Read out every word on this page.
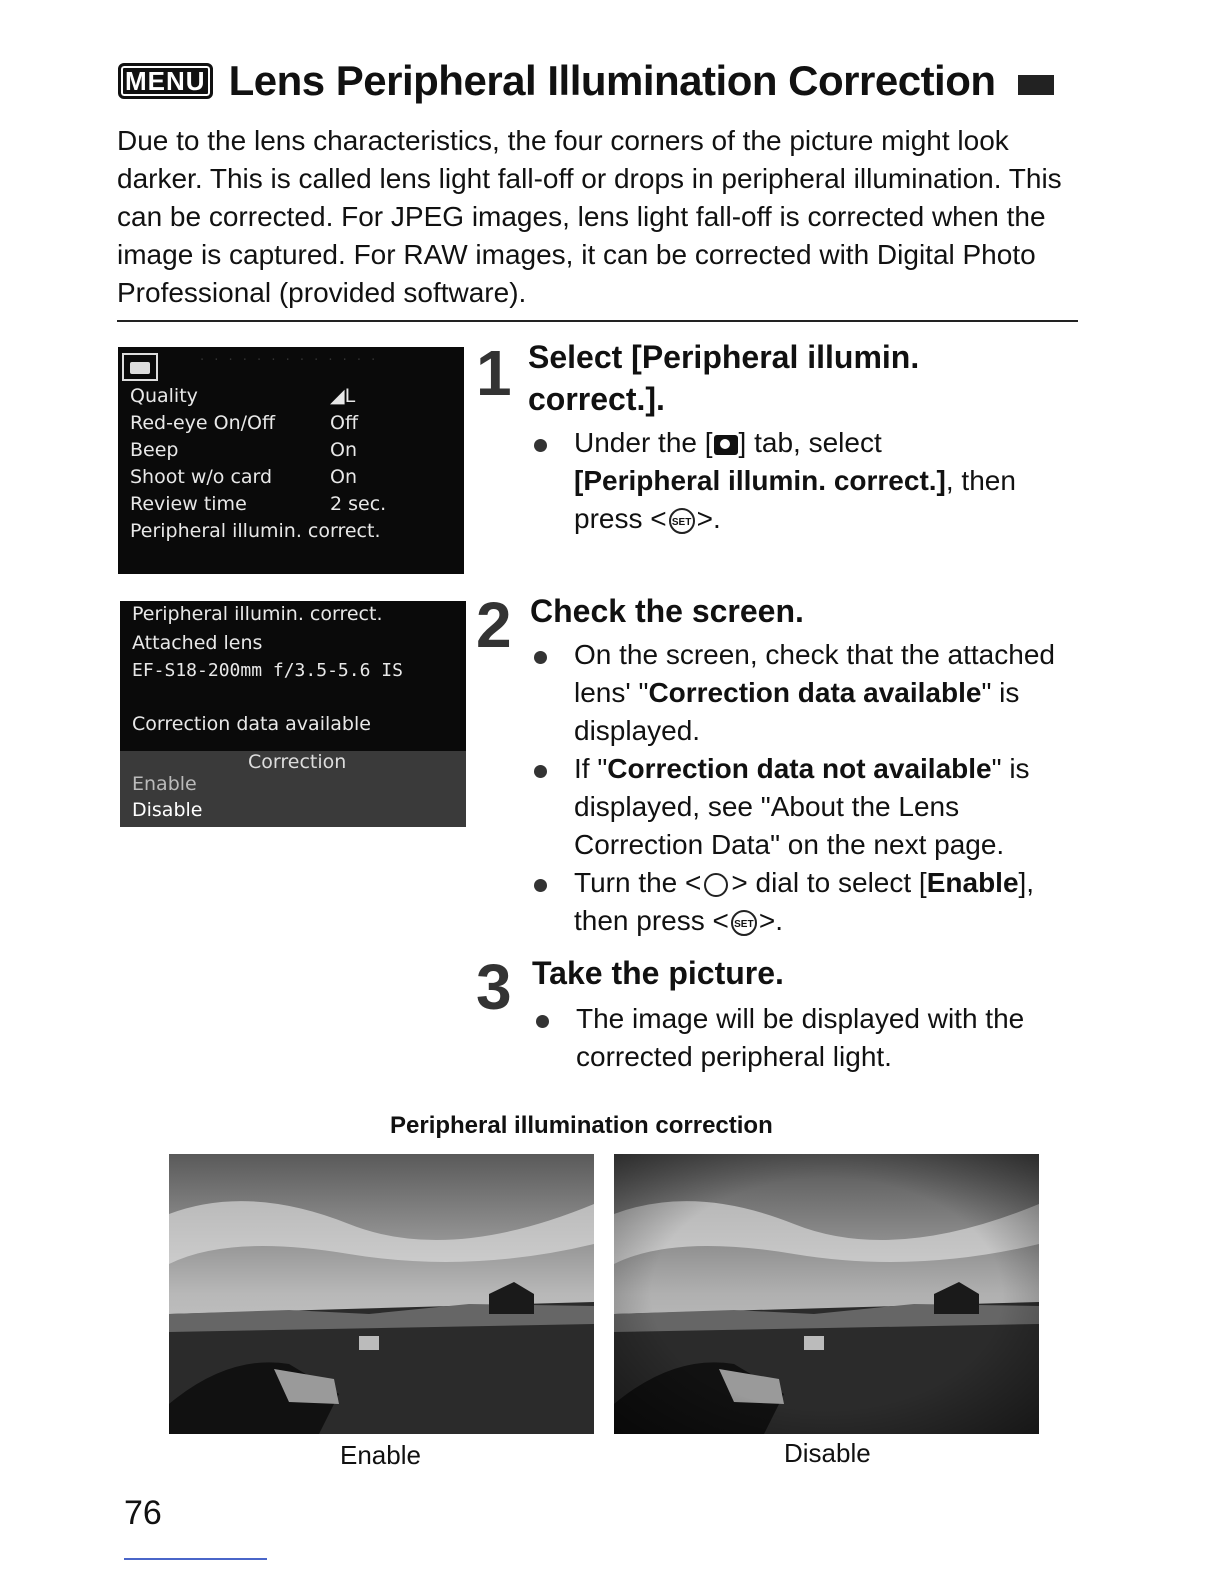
MENU Lens Peripheral Illumination Correction
Due to the lens characteristics, the four corners of the picture might look darker. This is called lens light fall-off or drops in peripheral illumination. This can be corrected. For JPEG images, lens light fall-off is corrected when the image is captured. For RAW images, it can be corrected with Digital Photo Professional (provided software).
· · · · · · · · · · · · ·
Quality	◢L
Red-eye On/Off	Off
Beep	On
Shoot w/o card	On
Review time	2 sec.
Peripheral illumin. correct.
Peripheral illumin. correct.
Attached lens
EF-S18-200mm f/3.5-5.6 IS
Correction data available
Correction
Enable
Disable
1 Select [Peripheral illumin. correct.].
Under the [ ] tab, select
[Peripheral illumin. correct.], then
press < SET >.
2 Check the screen.
On the screen, check that the attached lens' "Correction data available" is displayed.
If "Correction data not available" is displayed, see "About the Lens Correction Data" on the next page.
Turn the < > dial to select [Enable],
then press < SET >.
3 Take the picture.
The image will be displayed with the corrected peripheral light.
Peripheral illumination correction
Enable	Disable
76
